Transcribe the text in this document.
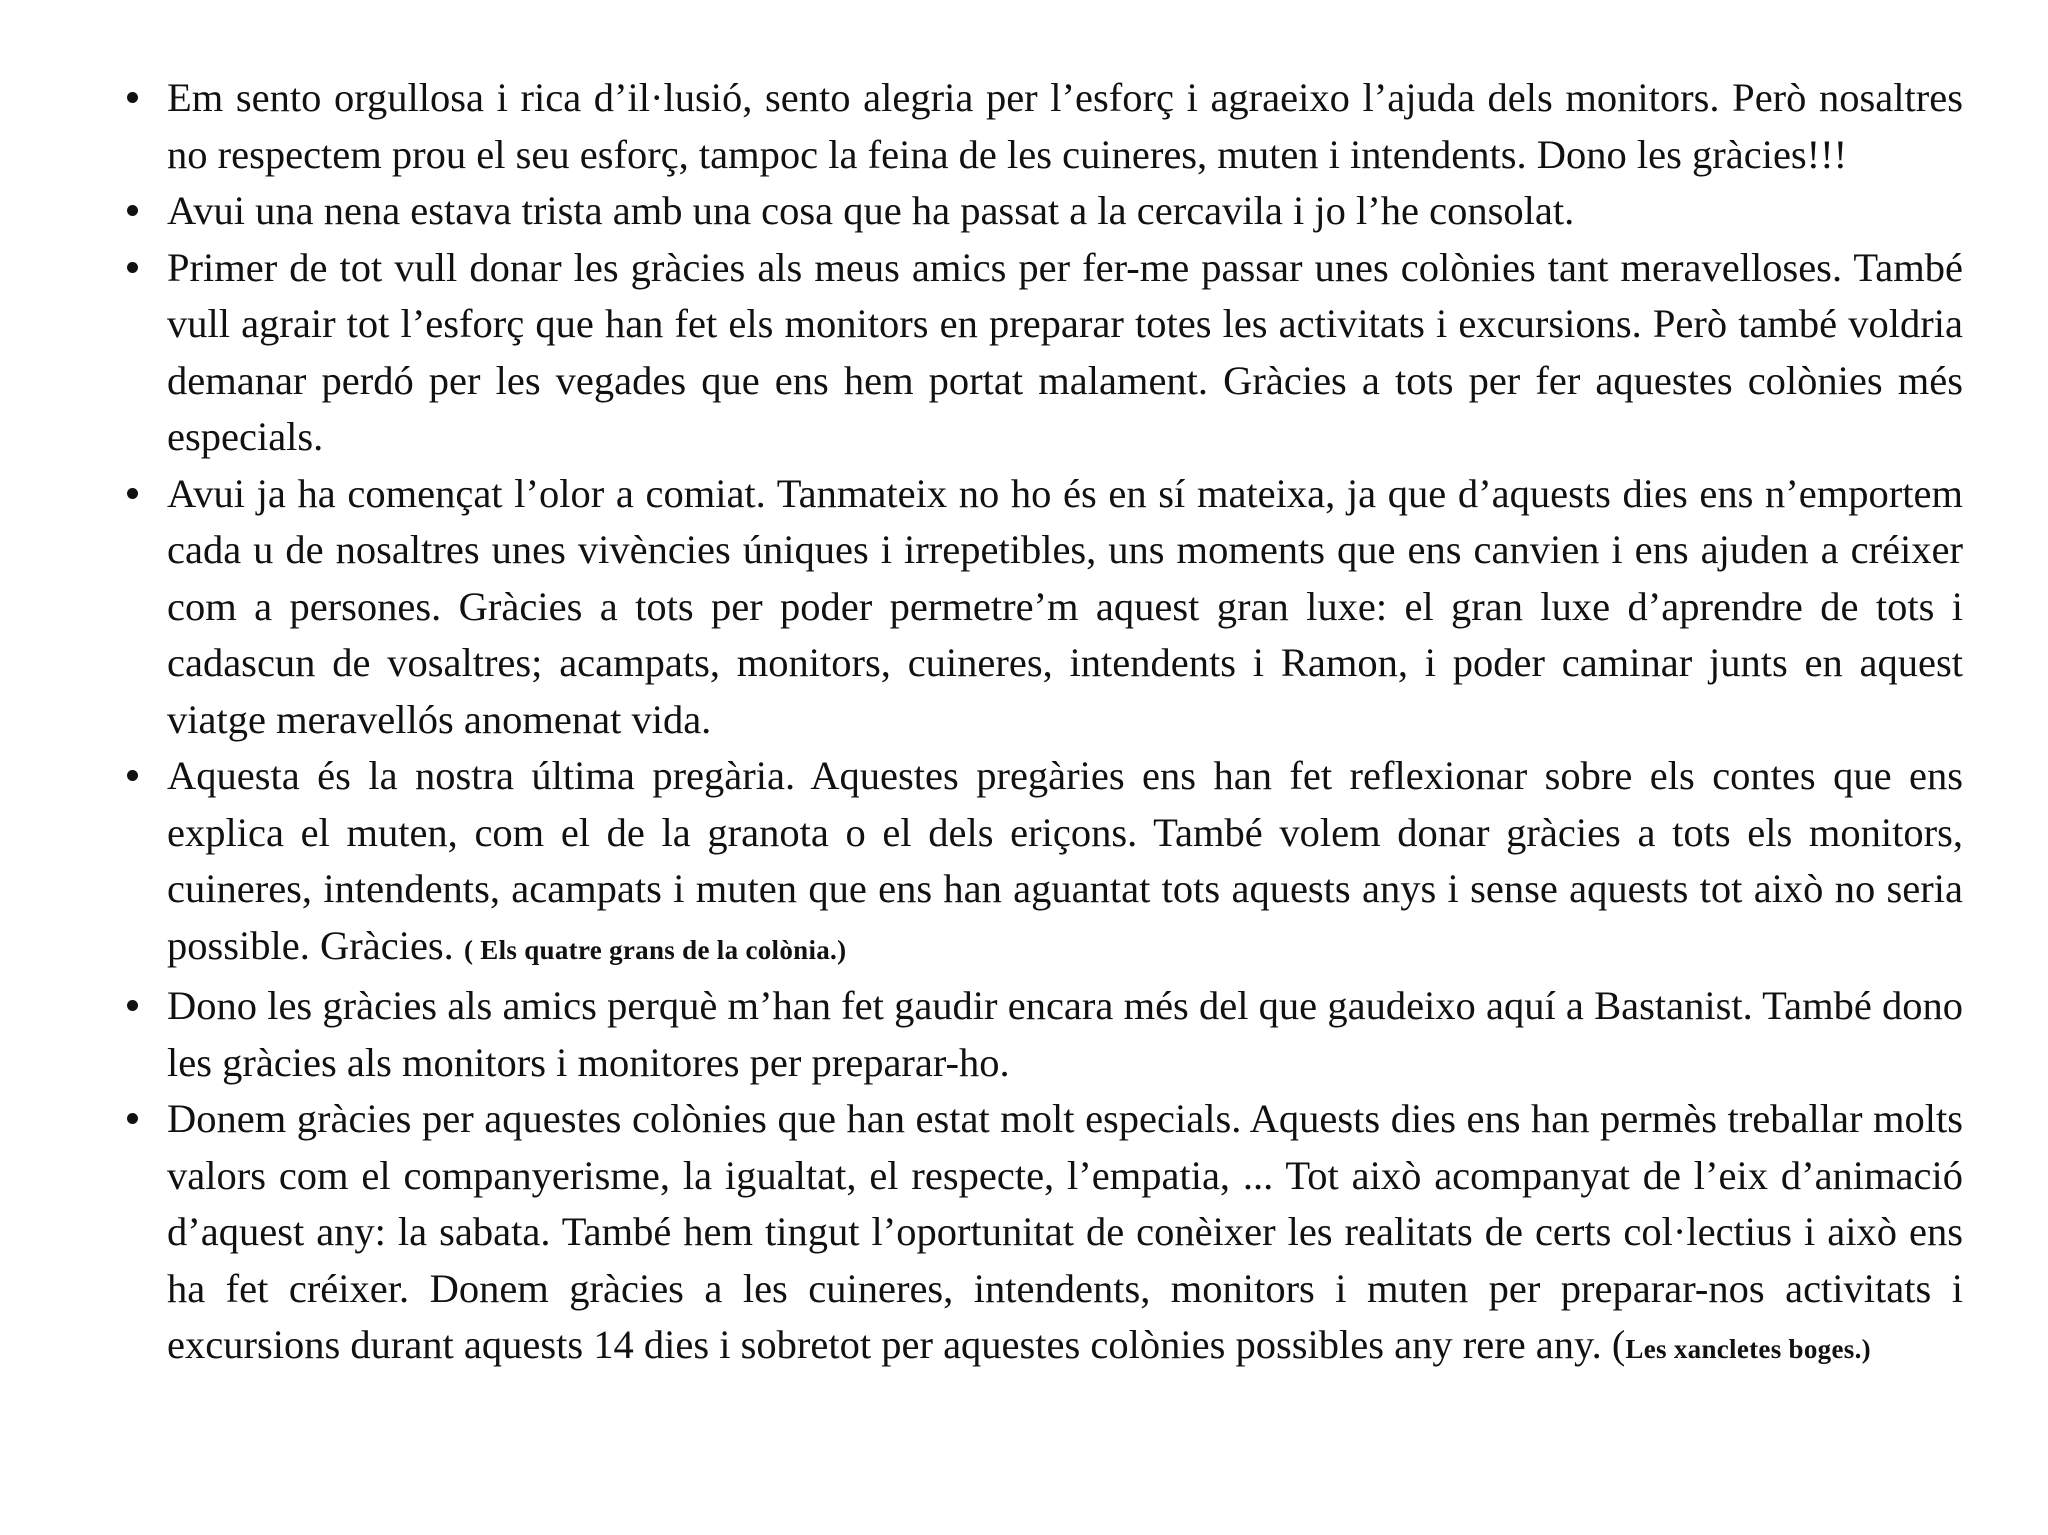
Em sento orgullosa i rica d’il·lusió, sento alegria per l’esforç i agraeixo l’ajuda dels monitors. Però nosaltres no respectem prou el seu esforç, tampoc la feina de les cuineres, muten i intendents. Dono les gràcies!!!
Avui una nena estava trista amb una cosa que ha passat a la cercavila i jo l’he consolat.
Primer de tot vull donar les gràcies als meus amics per fer-me passar unes colònies tant meravelloses. També vull agrair tot l’esforç que han fet els monitors en preparar totes les activitats i excursions. Però també voldria demanar perdó per les vegades que ens hem portat malament. Gràcies a tots per fer aquestes colònies més especials.
Avui ja ha començat l’olor a comiat. Tanmateix no ho és en sí mateixa, ja que d’aquests dies ens n’emportem cada u de nosaltres unes vivències úniques i irrepetibles, uns moments que ens canvien i ens ajuden a créixer com a persones. Gràcies a tots per poder permetre’m aquest gran luxe: el gran luxe d’aprendre de tots i cadascun de vosaltres; acampats, monitors, cuineres, intendents i Ramon, i poder caminar junts en aquest viatge meravellós anomenat vida.
Aquesta és la nostra última pregària. Aquestes pregàries ens han fet reflexionar sobre els contes que ens explica el muten, com el de la granota o el dels eriçons. També volem donar gràcies a tots els monitors, cuineres, intendents, acampats i muten que ens han aguantat tots aquests anys i sense aquests tot això no seria possible. Gràcies. ( Els quatre grans de la colònia.)
Dono les gràcies als amics perquè m’han fet gaudir encara més del que gaudeixo aquí a Bastanist. També dono les gràcies als monitors i monitores per preparar-ho.
Donem gràcies per aquestes colònies que han estat molt especials. Aquests dies ens han permès treballar molts valors com el companyerisme, la igualtat, el respecte, l’empatia, ... Tot això acompanyat de l’eix d’animació d’aquest any: la sabata. També hem tingut l’oportunitat de conèixer les realitats de certs col·lectius i això ens ha fet créixer. Donem gràcies a les cuineres, intendents, monitors i muten per preparar-nos activitats i excursions durant aquests 14 dies i sobretot per aquestes colònies possibles any rere any. (Les xancletes boges.)
